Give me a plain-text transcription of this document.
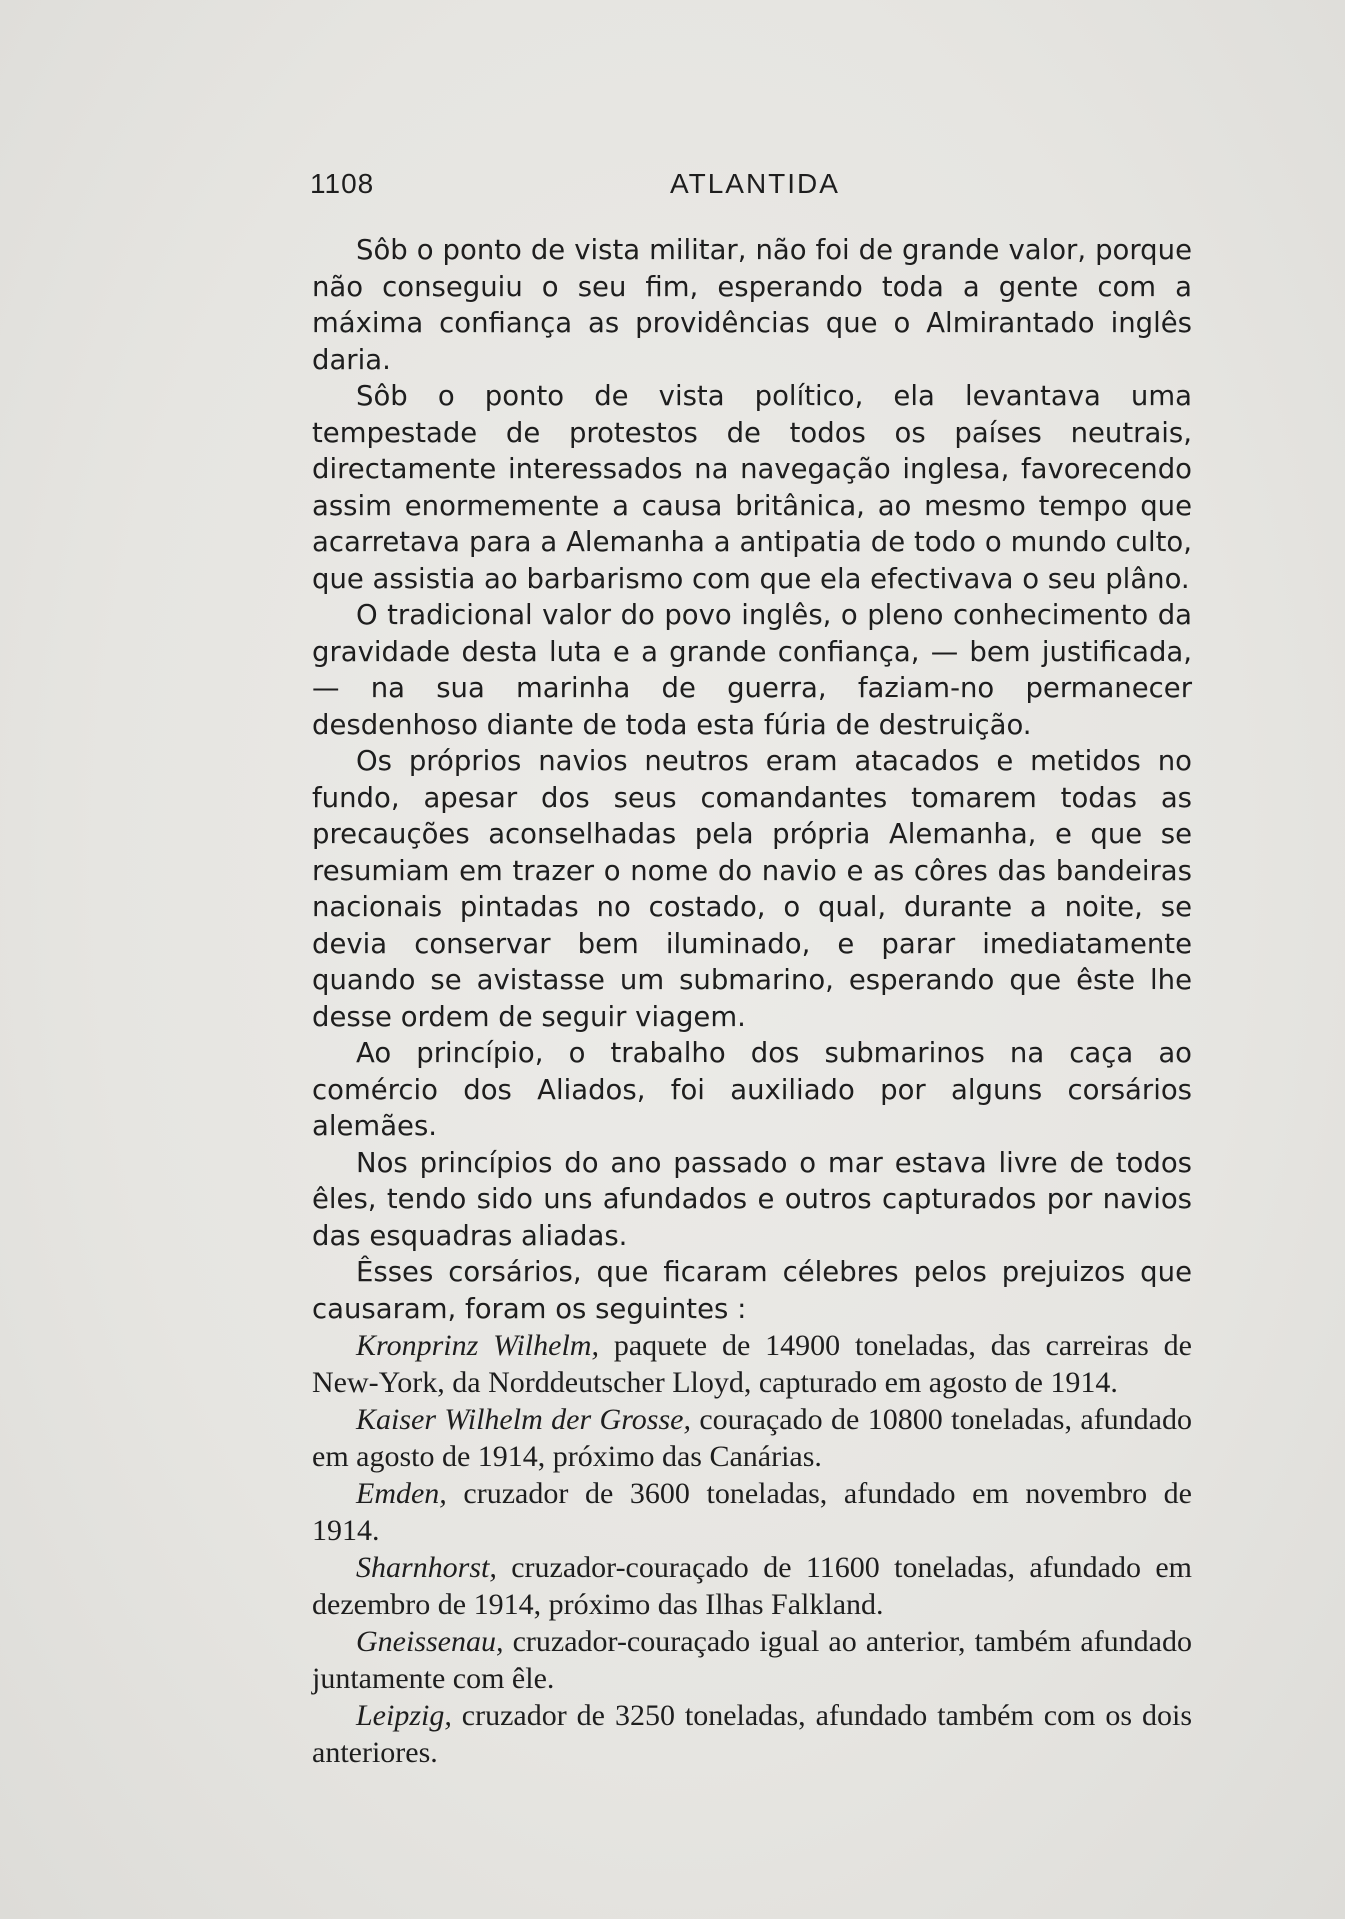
1108	ATLANTIDA

Sôb o ponto de vista militar, não foi de grande valor, porque não conseguiu o seu fim, esperando toda a gente com a máxima confiança as providências que o Almirantado inglês daria.

Sôb o ponto de vista político, ela levantava uma tempestade de protestos de todos os países neutrais, directamente interessados na navegação inglesa, favorecendo assim enormemente a causa britânica, ao mesmo tempo que acarretava para a Alemanha a antipatia de todo o mundo culto, que assistia ao barbarismo com que ela efectivava o seu plâno.

O tradicional valor do povo inglês, o pleno conhecimento da gravidade desta luta e a grande confiança, — bem justificada, — na sua marinha de guerra, faziam-no permanecer desdenhoso diante de toda esta fúria de destruição.

Os próprios navios neutros eram atacados e metidos no fundo, apesar dos seus comandantes tomarem todas as precauções aconselhadas pela própria Alemanha, e que se resumiam em trazer o nome do navio e as côres das bandeiras nacionais pintadas no costado, o qual, durante a noite, se devia conservar bem iluminado, e parar imediatamente quando se avistasse um submarino, esperando que êste lhe desse ordem de seguir viagem.

Ao princípio, o trabalho dos submarinos na caça ao comércio dos Aliados, foi auxiliado por alguns corsários alemães.

Nos princípios do ano passado o mar estava livre de todos êles, tendo sido uns afundados e outros capturados por navios das esquadras aliadas.

Êsses corsários, que ficaram célebres pelos prejuizos que causaram, foram os seguintes :

Kronprinz Wilhelm, paquete de 14900 toneladas, das carreiras de New-York, da Norddeutscher Lloyd, capturado em agosto de 1914.

Kaiser Wilhelm der Grosse, couraçado de 10800 toneladas, afundado em agosto de 1914, próximo das Canárias.

Emden, cruzador de 3600 toneladas, afundado em novembro de 1914.

Sharnhorst, cruzador-couraçado de 11600 toneladas, afundado em dezembro de 1914, próximo das Ilhas Falkland.

Gneissenau, cruzador-couraçado igual ao anterior, também afundado juntamente com êle.

Leipzig, cruzador de 3250 toneladas, afundado também com os dois anteriores.
